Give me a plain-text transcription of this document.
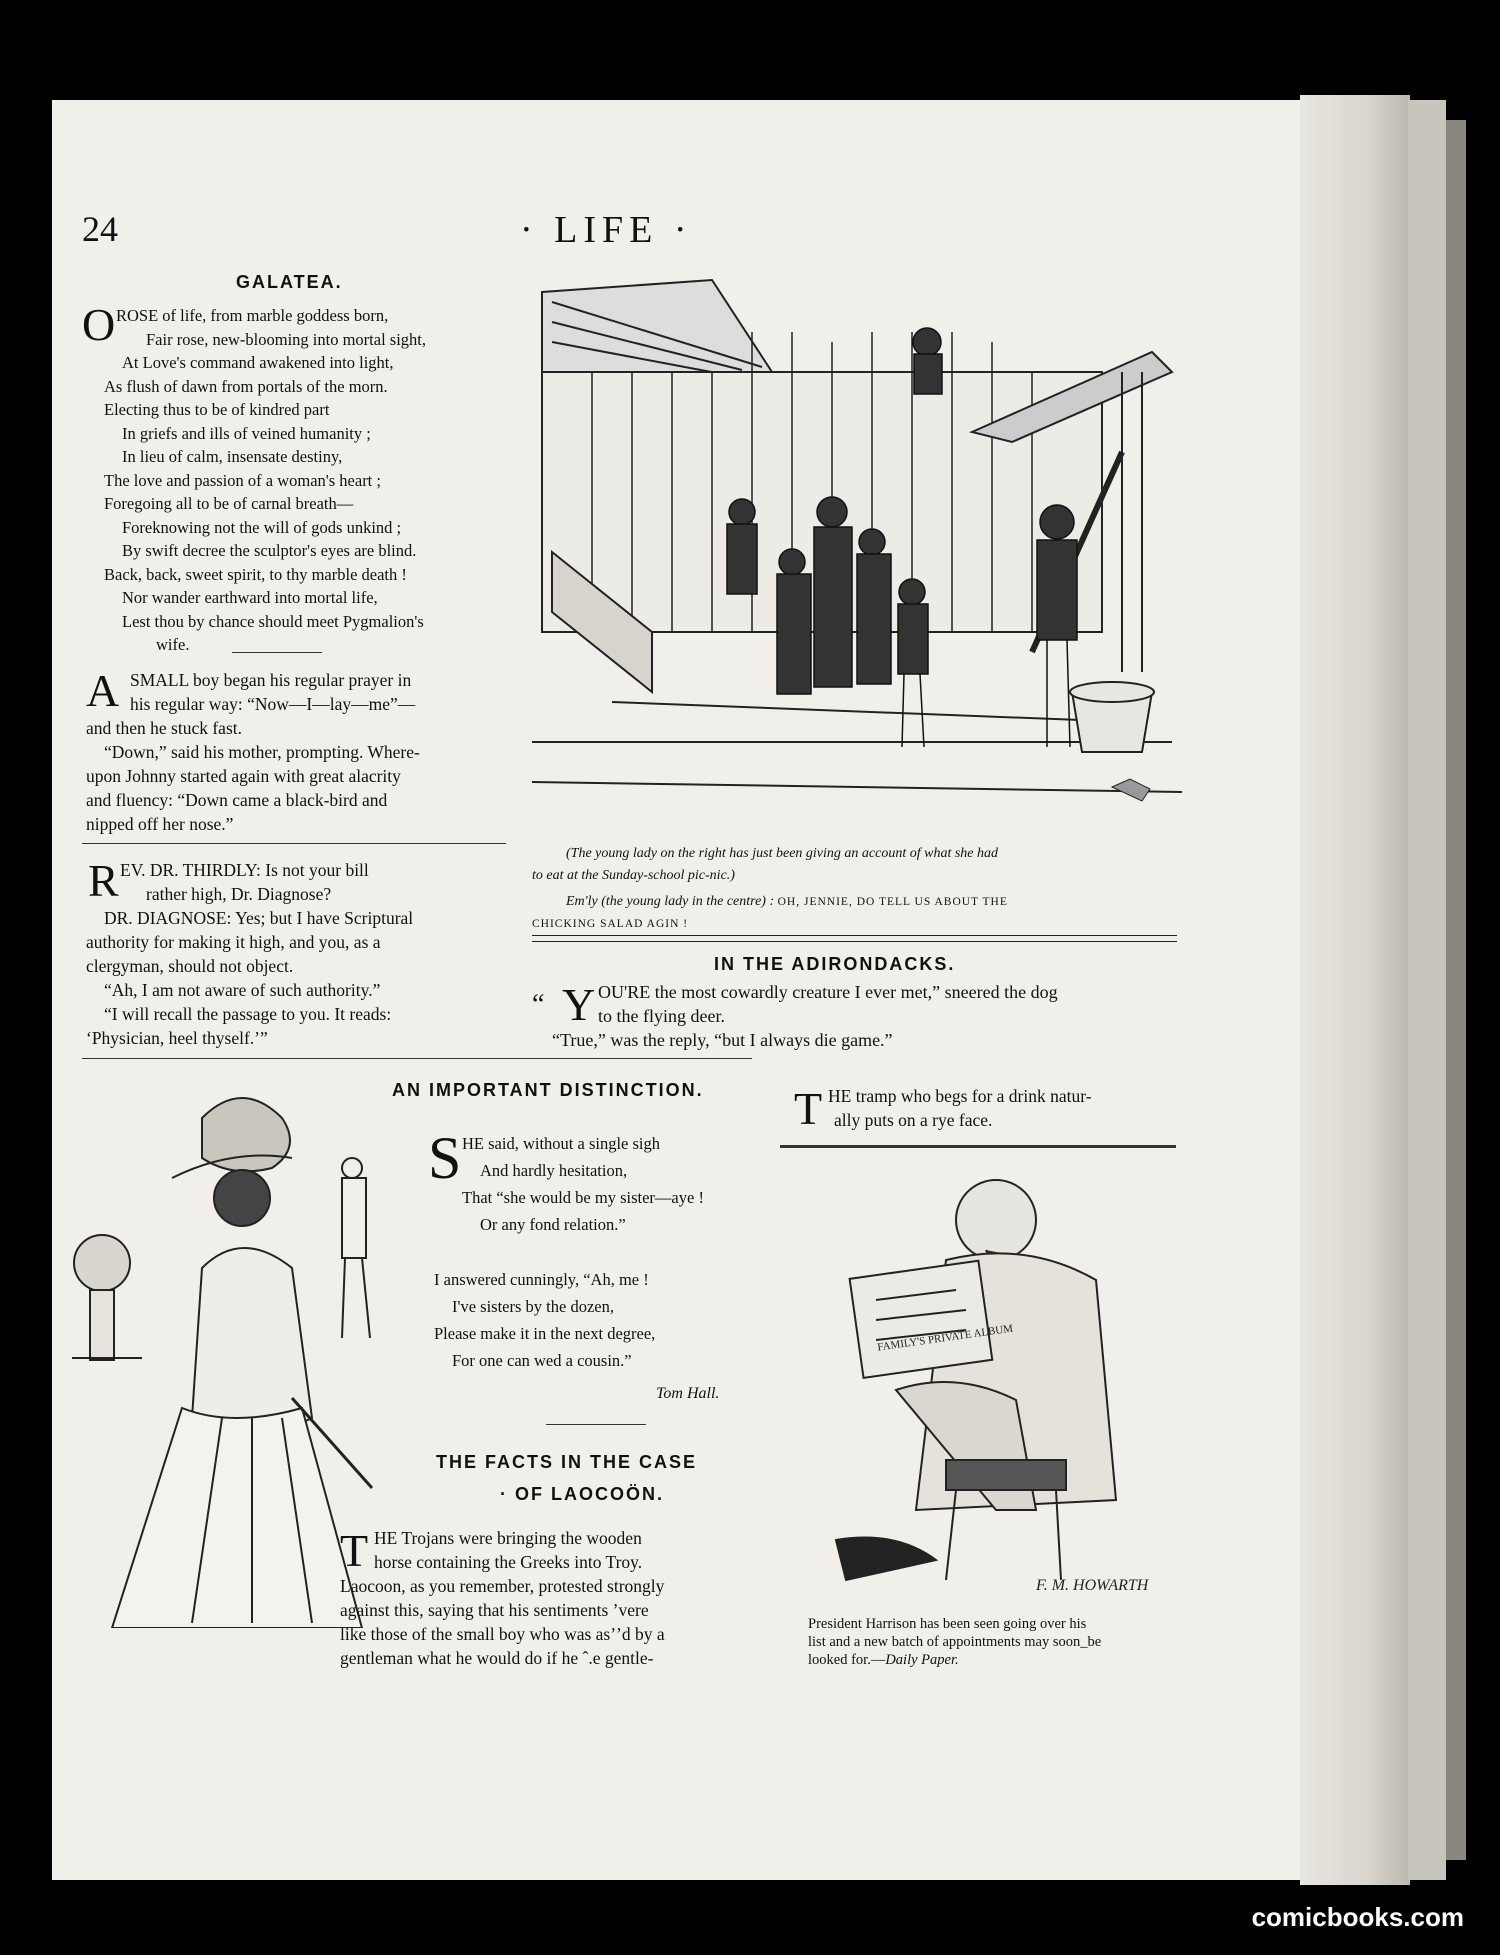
24	· LIFE ·
GALATEA.
O ROSE of life, from marble goddess born,
Fair rose, new-blooming into mortal sight,
At Love's command awakened into light,
As flush of dawn from portals of the morn.
Electing thus to be of kindred part
In griefs and ills of veined humanity ;
In lieu of calm, insensate destiny,
The love and passion of a woman's heart ;
Foregoing all to be of carnal breath—
Foreknowing not the will of gods unkind ;
By swift decree the sculptor's eyes are blind.
Back, back, sweet spirit, to thy marble death !
Nor wander earthward into mortal life,
Lest thou by chance should meet Pygmalion's
wife.
A SMALL boy began his regular prayer in
his regular way: “Now—I—lay—me”—
and then he stuck fast.
“Down,” said his mother, prompting. Where-
upon Johnny started again with great alacrity
and fluency: “Down came a black-bird and
nipped off her nose.”
R EV. DR. THIRDLY: Is not your bill
rather high, Dr. Diagnose?
DR. DIAGNOSE: Yes; but I have Scriptural
authority for making it high, and you, as a
clergyman, should not object.
“Ah, I am not aware of such authority.”
“I will recall the passage to you. It reads:
‘Physician, heel thyself.’”
(The young lady on the right has just been giving an account of what she had
to eat at the Sunday-school pic-nic.)
Em'ly (the young lady in the centre) : OH, JENNIE, DO TELL US ABOUT THE
CHICKING SALAD AGIN !
IN THE ADIRONDACKS.
“ Y OU'RE the most cowardly creature I ever met,” sneered the dog
to the flying deer.
“True,” was the reply, “but I always die game.”
AN IMPORTANT DISTINCTION.
S HE said, without a single sigh
And hardly hesitation,
That “she would be my sister—aye !
Or any fond relation.”
I answered cunningly, “Ah, me !
I've sisters by the dozen,
Please make it in the next degree,
For one can wed a cousin.”
Tom Hall.
THE FACTS IN THE CASE
· OF LAOCOÖN.
T HE Trojans were bringing the wooden
horse containing the Greeks into Troy.
Laocoon, as you remember, protested strongly
against this, saying that his sentiments ’vere
like those of the small boy who was as’ʼd by a
gentleman what he would do if he ˆ.e gentle-
T HE tramp who begs for a drink natur-
ally puts on a rye face.
F. M. HOWARTH
FAMILY'S PRIVATE ALBUM
President Harrison has been seen going over his
list and a new batch of appointments may soon_be
looked for.—Daily Paper.
comicbooks.com
